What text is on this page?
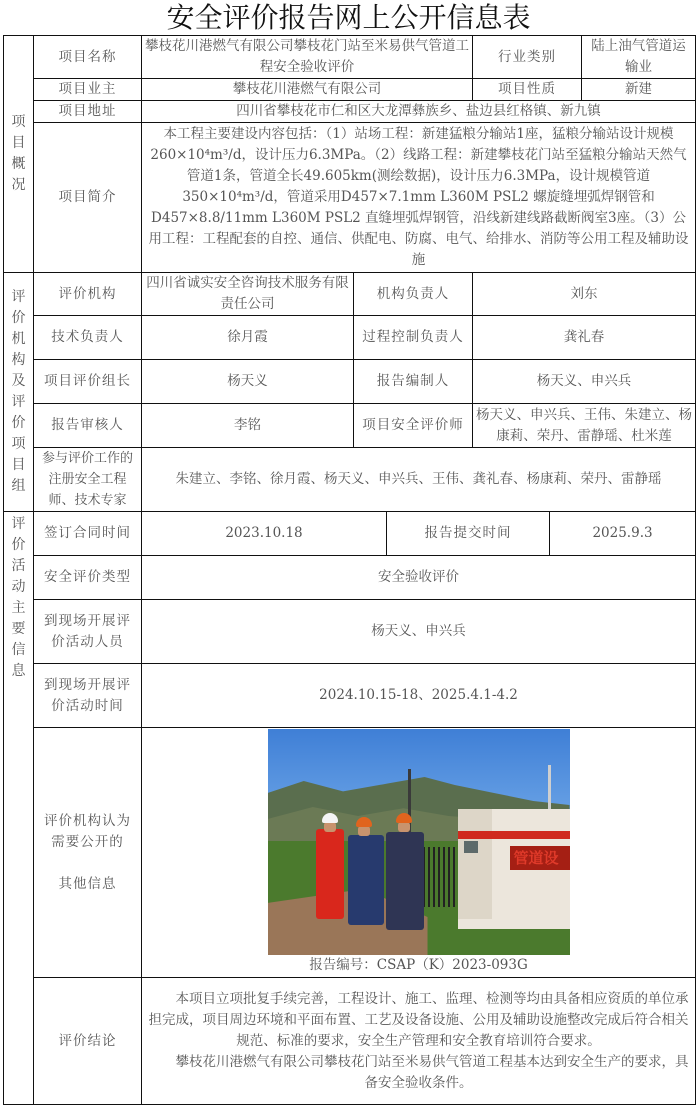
安全评价报告网上公开信息表
项目概况	项目名称	攀枝花川港燃气有限公司攀枝花门站至米易供气管道工程安全验收评价			行业类别		陆上油气管道运输业
	项目业主	攀枝花川港燃气有限公司			项目性质		新建
	项目地址	四川省攀枝花市仁和区大龙潭彝族乡、盐边县红格镇、新九镇					
	项目简介	本工程主要建设内容包括：（1）站场工程：新建猛粮分输站1座，猛粮分输站设计规模260×10⁴m³/d，设计压力6.3MPa。（2）线路工程：新建攀枝花门站至猛粮分输站天然气管道1条，管道全长49.605km(测绘数据)，设计压力6.3MPa，设计规模管道350×10⁴m³/d，管道采用D457×7.1mm L360M PSL2 螺旋缝埋弧焊钢管和 D457×8.8/11mm L360M PSL2 直缝埋弧焊钢管，沿线新建线路截断阀室3座。（3）公用工程：工程配套的自控、通信、供配电、防腐、电气、给排水、消防等公用工程及辅助设施					
评价机构及评价项目组	评价机构	四川省诚实安全咨询技术服务有限责任公司	机构负责人		刘东		
	技术负责人	徐月霞	过程控制负责人		龚礼春		
	项目评价组长	杨天义	报告编制人		杨天义、申兴兵		
	报告审核人	李铭	项目安全评价师		杨天义、申兴兵、王伟、朱建立、杨康莉、荣丹、雷静瑶、杜米莲		
	参与评价工作的注册安全工程师、技术专家	朱建立、李铭、徐月霞、杨天义、申兴兵、王伟、龚礼春、杨康莉、荣丹、雷静瑶					
评价活动主要信息	签订合同时间	2023.10.18		报告提交时间		2025.9.3	
	安全评价类型	安全验收评价					
	到现场开展评价活动人员	杨天义、申兴兵					
	到现场开展评价活动时间	2024.10.15-18、2025.4.1-4.2					
评价机构认为需要公开的

其他信息	
管道设
报告编号：CSAP（K）2023-093G

	评价结论	本项目立项批复手续完善，工程设计、施工、监理、检测等均由具备相应资质的单位承担完成，项目周边环境和平面布置、工艺及设备设施、公用及辅助设施整改完成后符合相关规范、标准的要求，安全生产管理和安全教育培训符合要求。
攀枝花川港燃气有限公司攀枝花门站至米易供气管道工程基本达到安全生产的要求，具备安全验收条件。					
